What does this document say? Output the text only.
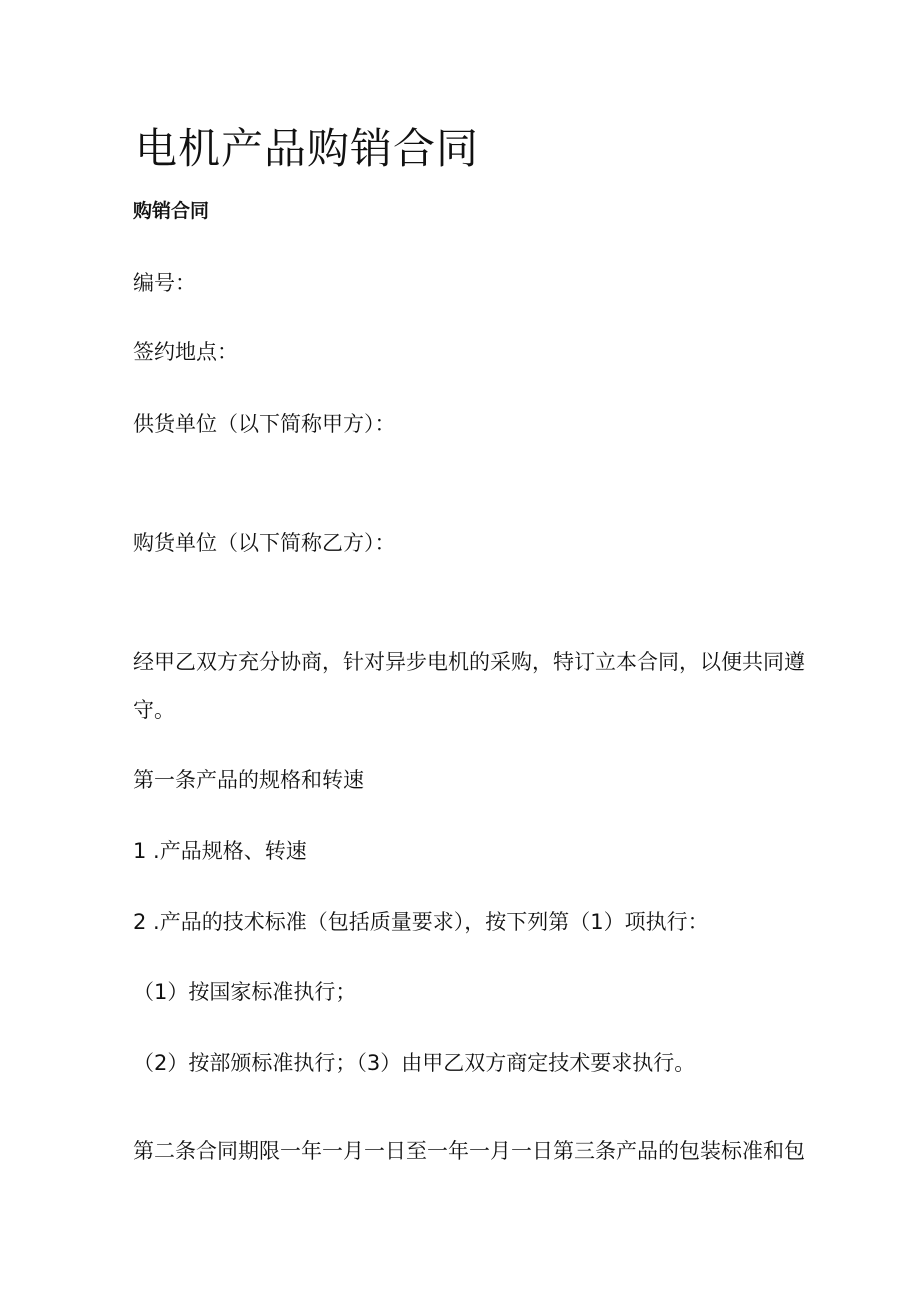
电机产品购销合同
购销合同
编号：
签约地点：
供货单位（以下简称甲方）：
购货单位（以下简称乙方）：
经甲乙双方充分协商，针对异步电机的采购，特订立本合同，以便共同遵
守。
第一条产品的规格和转速
1 .产品规格、转速
2 .产品的技术标准（包括质量要求），按下列第（1）项执行：
（1）按国家标准执行；
（2）按部颁标准执行；（3）由甲乙双方商定技术要求执行。
第二条合同期限一年一月一日至一年一月一日第三条产品的包装标准和包
